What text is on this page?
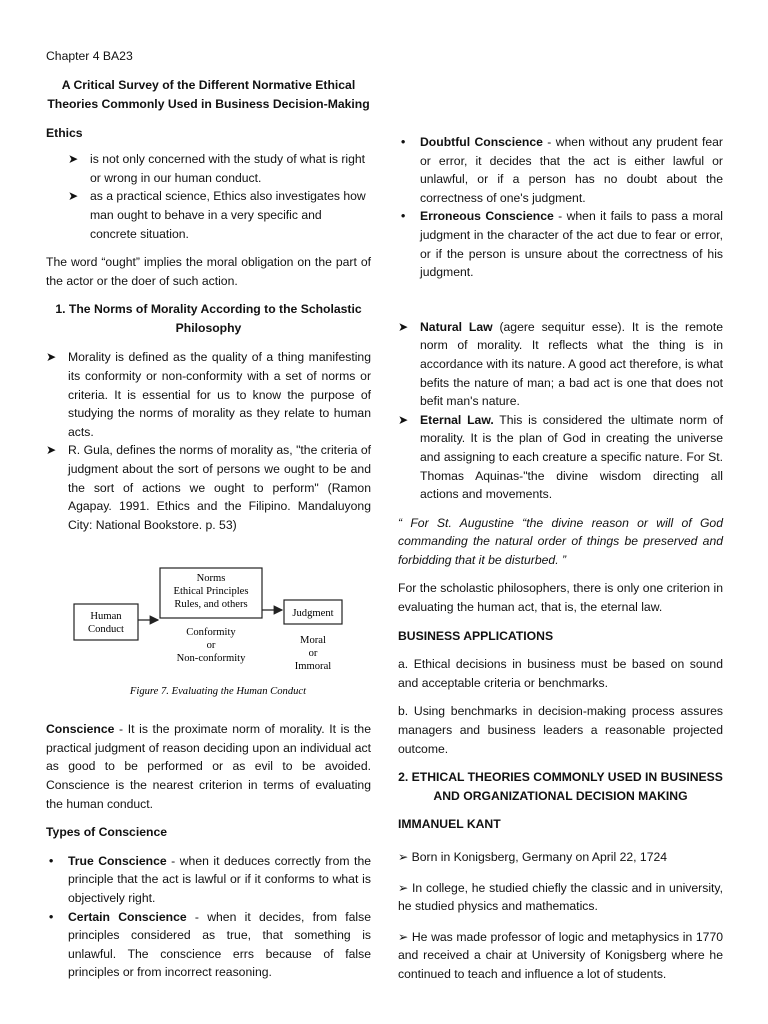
Chapter 4 BA23

A Critical Survey of the Different Normative Ethical
Theories Commonly Used in Business Decision-Making

Ethics

➤ is not only concerned with the study of what is right or wrong in our human conduct.

➤ as a practical science, Ethics also investigates how man ought to behave in a very specific and concrete situation.

The word “ought” implies the moral obligation on the part of the actor or the doer of such action.

1. The Norms of Morality According to the Scholastic
Philosophy

➤ Morality is defined as the quality of a thing manifesting its conformity or non-conformity with a set of norms or criteria. It is essential for us to know the purpose of studying the norms of morality as they relate to human acts.

➤ R. Gula, defines the norms of morality as, "the criteria of judgment about the sort of persons we ought to be and the sort of actions we ought to perform" (Ramon Agapay. 1991. Ethics and the Filipino. Mandaluyong City: National Bookstore. p. 53)

Human
Conduct
Norms
Ethical Principles
Rules, and others
Conformity
or
Non-conformity
Judgment
Moral
or
Immoral
Figure 7. Evaluating the Human Conduct

Conscience - It is the proximate norm of morality. It is the practical judgment of reason deciding upon an individual act as good to be performed or as evil to be avoided. Conscience is the nearest criterion in terms of evaluating the human conduct.

Types of Conscience

• True Conscience - when it deduces correctly from the principle that the act is lawful or if it conforms to what is objectively right.

• Certain Conscience - when it decides, from false principles considered as true, that something is unlawful. The conscience errs because of false principles or from incorrect reasoning.

• Doubtful Conscience - when without any prudent fear or error, it decides that the act is either lawful or unlawful, or if a person has no doubt about the correctness of one's judgment.

• Erroneous Conscience - when it fails to pass a moral judgment in the character of the act due to fear or error, or if the person is unsure about the correctness of his judgment.

➤ Natural Law (agere sequitur esse). It is the remote norm of morality. It reflects what the thing is in accordance with its nature. A good act therefore, is what befits the nature of man; a bad act is one that does not befit man's nature.

➤ Eternal Law. This is considered the ultimate norm of morality. It is the plan of God in creating the universe and assigning to each creature a specific nature. For St. Thomas Aquinas-"the divine wisdom directing all actions and movements.

“ For St. Augustine “the divine reason or will of God commanding the natural order of things be preserved and forbidding that it be disturbed. ”

For the scholastic philosophers, there is only one criterion in evaluating the human act, that is, the eternal law.

BUSINESS APPLICATIONS

a. Ethical decisions in business must be based on sound and acceptable criteria or benchmarks.

b. Using benchmarks in decision-making process assures managers and business leaders a reasonable projected outcome.

2. ETHICAL THEORIES COMMONLY USED IN BUSINESS
AND ORGANIZATIONAL DECISION MAKING

IMMANUEL KANT

➢ Born in Konigsberg, Germany on April 22, 1724

➢ In college, he studied chiefly the classic and in university, he studied physics and mathematics.

➢ He was made professor of logic and metaphysics in 1770 and received a chair at University of Konigsberg where he continued to teach and influence a lot of students.
